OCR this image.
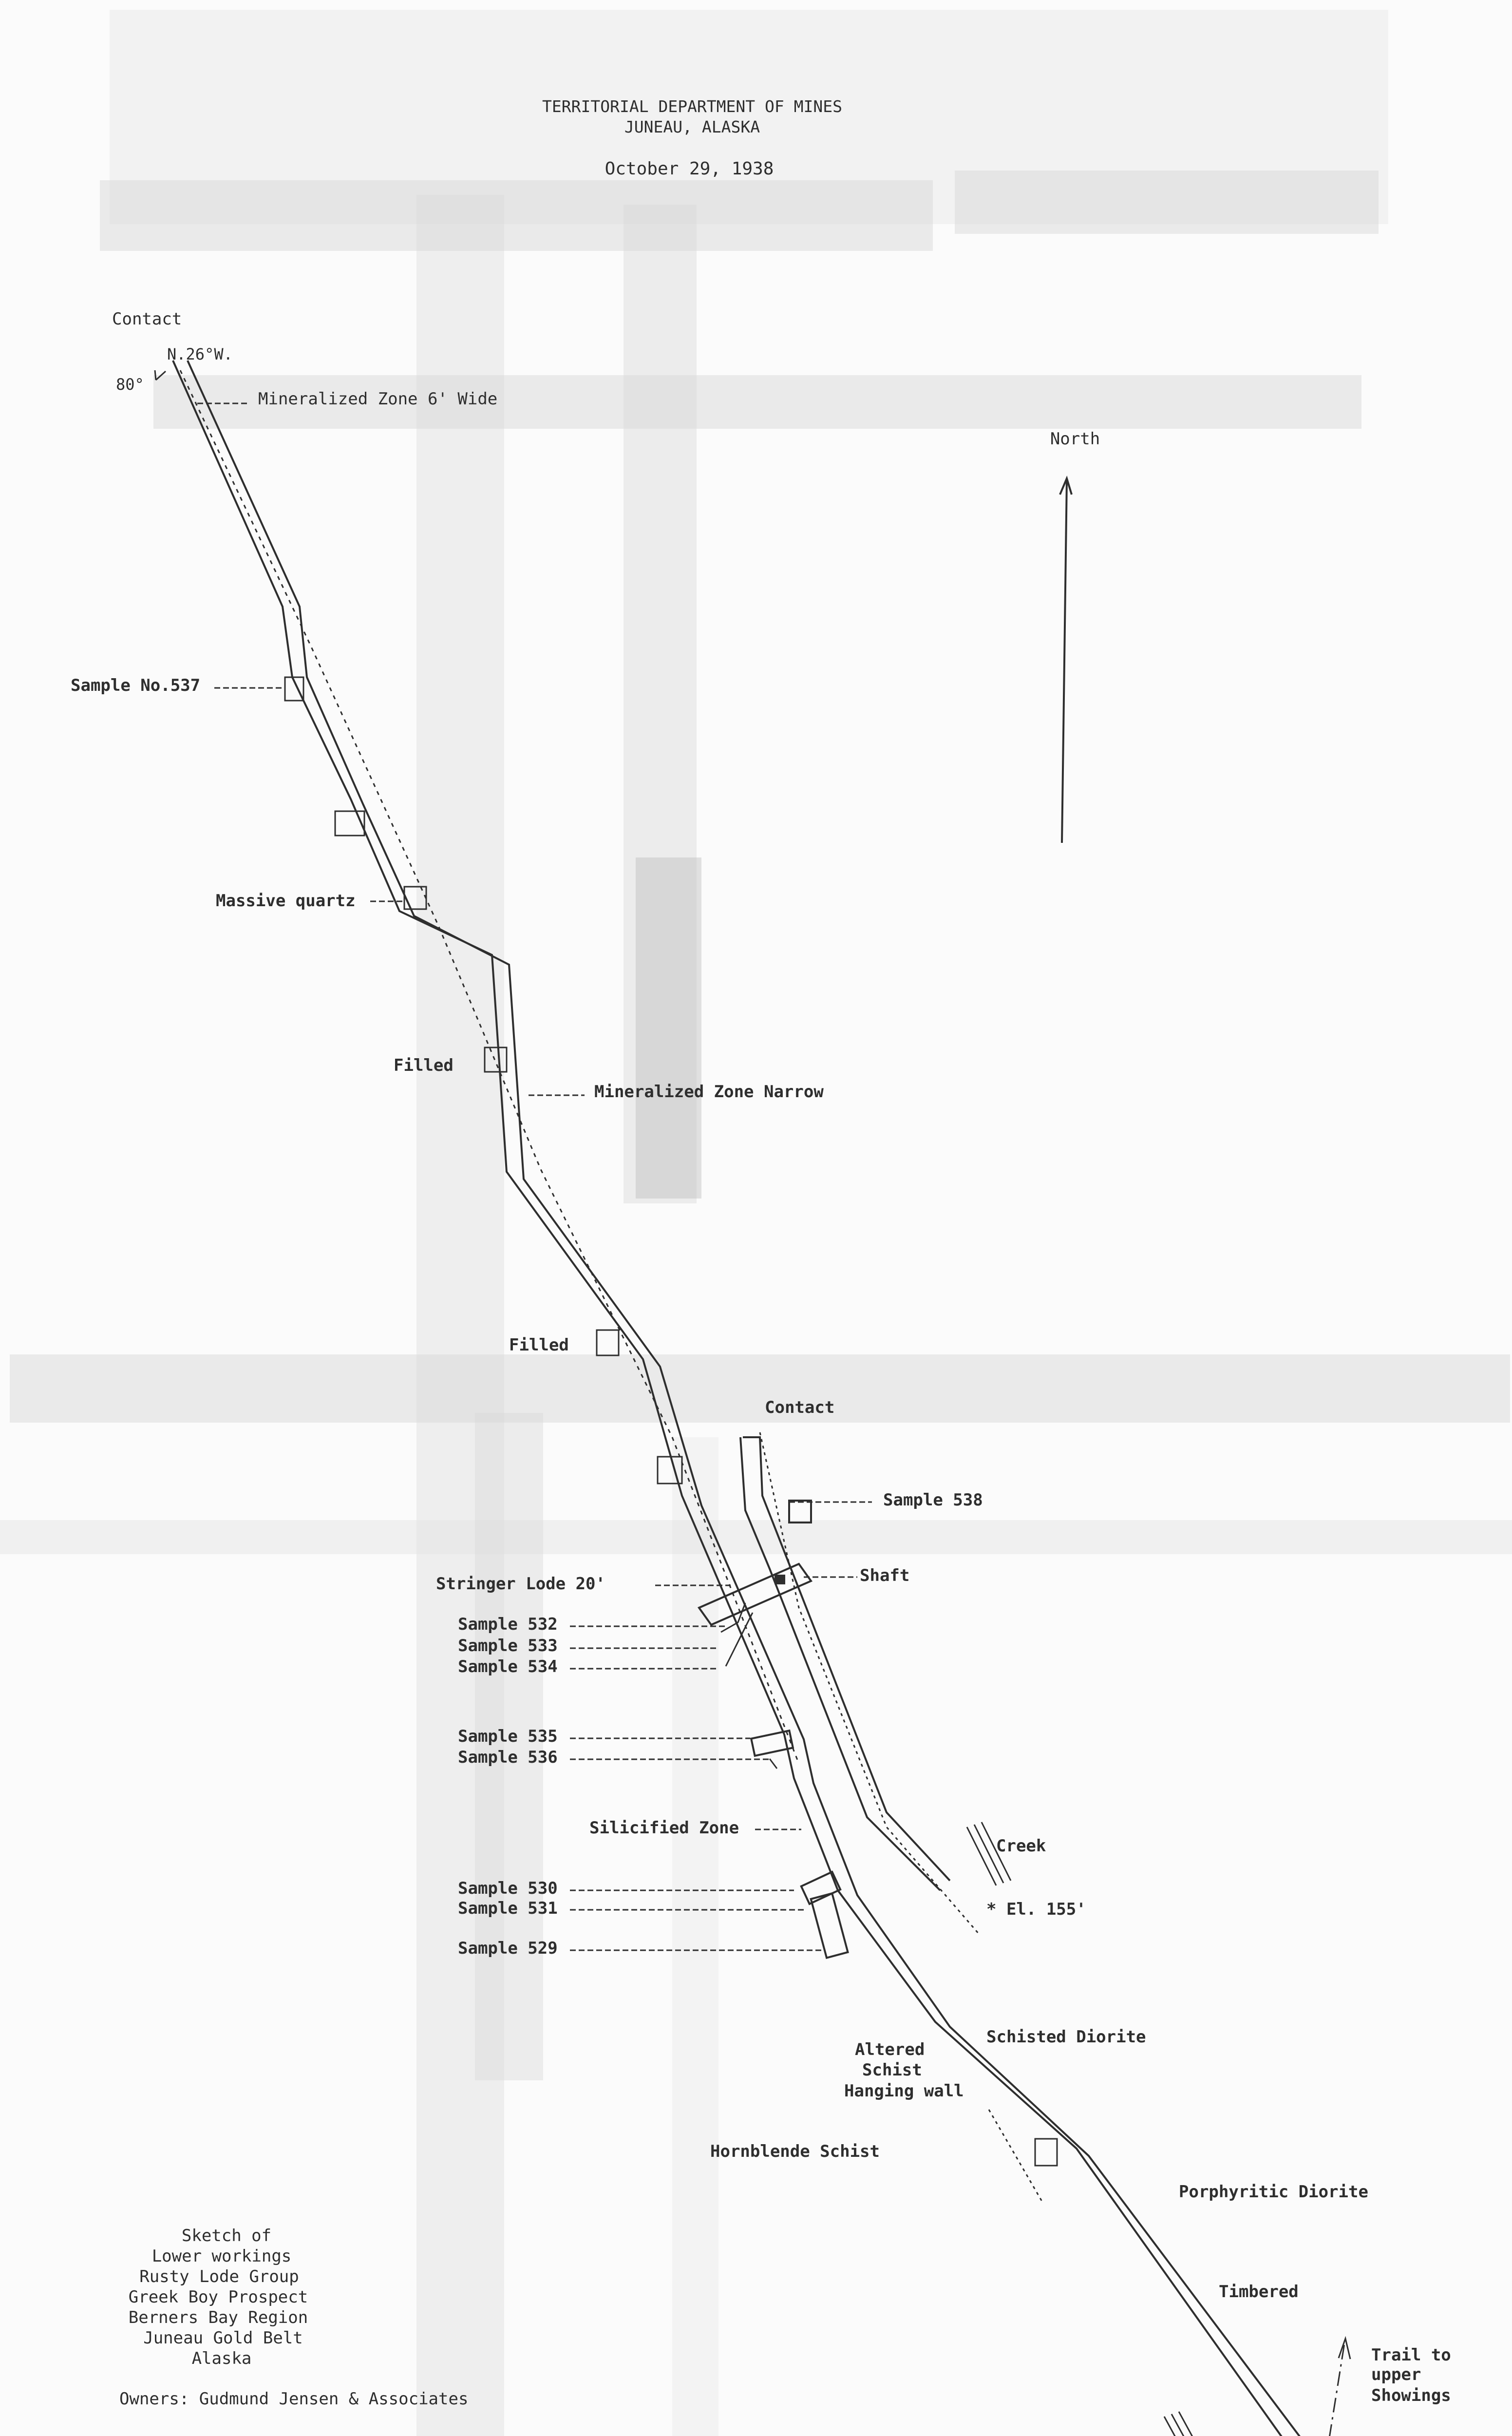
TERRITORIAL DEPARTMENT OF MINES
JUNEAU, ALASKA
October 29, 1938
North
Contact
N.26°W.
80°
Mineralized Zone 6' Wide
Sample No.537
Massive quartz
Filled
Mineralized Zone Narrow
Filled
Contact
Sample 538
Stringer Lode 20'	Shaft
Sample 532
Sample 533
Sample 534
Sample 535
Sample 536
Silicified Zone
Creek
* El. 155'
Sample 530
Sample 531
Sample 529
Schisted Diorite
Altered
Schist
Hanging wall
Hornblende Schist
Porphyritic Diorite
Timbered
Trail to
upper
Showings
Sketch of
Lower workings
Rusty Lode Group
Greek Boy Prospect
Berners Bay Region
Juneau Gold Belt
Alaska
Owners: Gudmund Jensen & Associates
